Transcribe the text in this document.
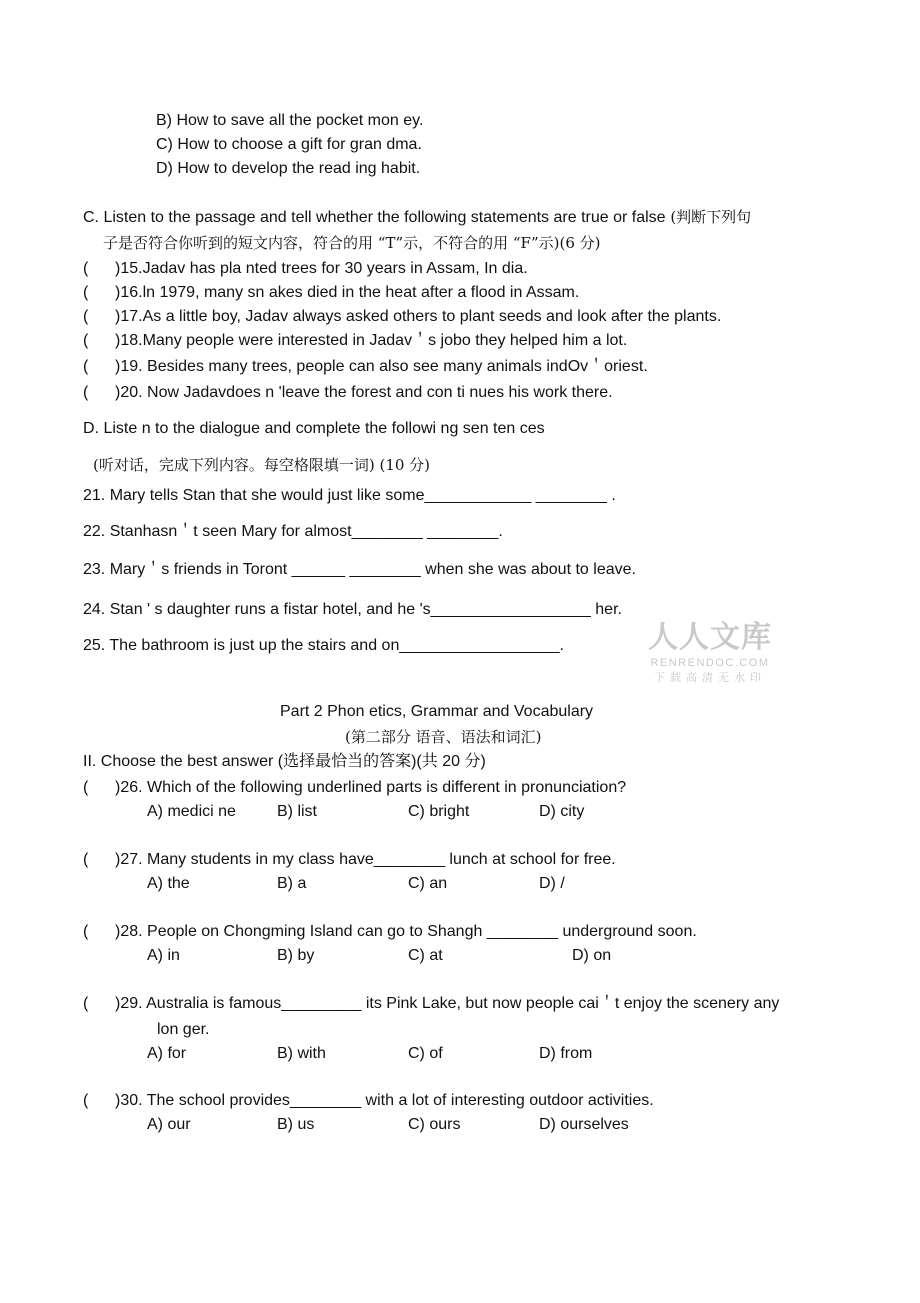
B) How to save all the pocket mon ey.
C) How to choose a gift for gran dma.
D) How to develop the read ing habit.
C. Listen to the passage and tell whether the following statements are true or false (判断下列句
子是否符合你听到的短文内容，符合的用 “T”示，不符合的用 “F”示)(6 分)
( )15.Jadav has pla nted trees for 30 years in Assam, In dia.
( )16.ln 1979, many sn akes died in the heat after a flood in Assam.
( )17.As a little boy, Jadav always asked others to plant seeds and look after the plants.
( )18.Many people were interested in Jadav＇s jobo they helped him a lot.
( )19. Besides many trees, people can also see many animals indOv＇oriest.
( )20. Now Jadavdoes n 'leave the forest and con ti nues his work there.
D. Liste n to the dialogue and complete the followi ng sen ten ces
(听对话，完成下列内容。每空格限填一词) (10 分)
21. Mary tells Stan that she would just like some____________ ________ .
22. Stanhasn＇t seen Mary for almost________ ________.
23. Mary＇s friends in Toront ______ ________ when she was about to leave.
24. Stan ' s daughter runs a fistar hotel, and he 's__________________ her.
25. The bathroom is just up the stairs and on__________________.	人人文库
RENRENDOC.COM
下载高清无水印
Part 2 Phon etics, Grammar and Vocabulary
(第二部分 语音、语法和词汇)
II. Choose the best answer (选择最恰当的答案)(共 20 分)
( )26. Which of the following underlined parts is different in pronunciation?
A) medici ne	B) list	C) bright	D) city
( )27. Many students in my class have________ lunch at school for free.
A) the	B) a	C) an	D) /
( )28. People on Chongming Island can go to Shangh ________ underground soon.
A) in	B) by	C) at	D) on
( )29. Australia is famous_________ its Pink Lake, but now people cai＇t enjoy the scenery any
lon ger.
A) for	B) with	C) of	D) from
( )30. The school provides________ with a lot of interesting outdoor activities.
A) our	B) us	C) ours	D) ourselves
